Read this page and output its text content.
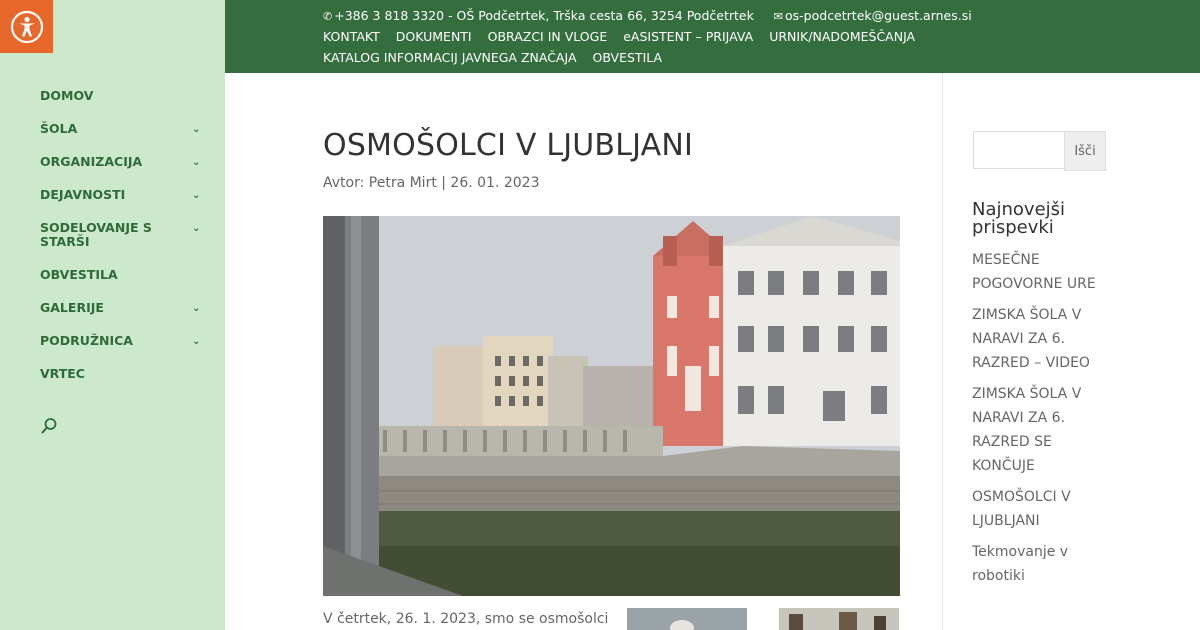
DOMOV
ŠOLA	⌄
ORGANIZACIJA	⌄
DEJAVNOSTI	⌄
SODELOVANJE S STARŠI
⌄
OBVESTILA
GALERIJE	⌄
PODRUŽNICA	⌄
VRTEC
✆ +386 3 818 3320 - OŠ Podčetrtek, Trška cesta 66, 3254 Podčetrtek ✉ os-podcetrtek@guest.arnes.si
KONTAKT DOKUMENTI OBRAZCI IN VLOGE eASISTENT – PRIJAVA URNIK/NADOMEŠČANJA
KATALOG INFORMACIJ JAVNEGA ZNAČAJA OBVESTILA
OSMOŠOLCI V LJUBLJANI
Avtor: Petra Mirt | 26. 01. 2023
V četrtek, 26. 1. 2023, smo se osmošolci
Išči
Najnovejši prispevki
MESEČNE POGOVORNE URE
ZIMSKA ŠOLA V NARAVI ZA 6. RAZRED – VIDEO
ZIMSKA ŠOLA V NARAVI ZA 6. RAZRED SE KONČUJE
OSMOŠOLCI V LJUBLJANI
Tekmovanje v robotiki
